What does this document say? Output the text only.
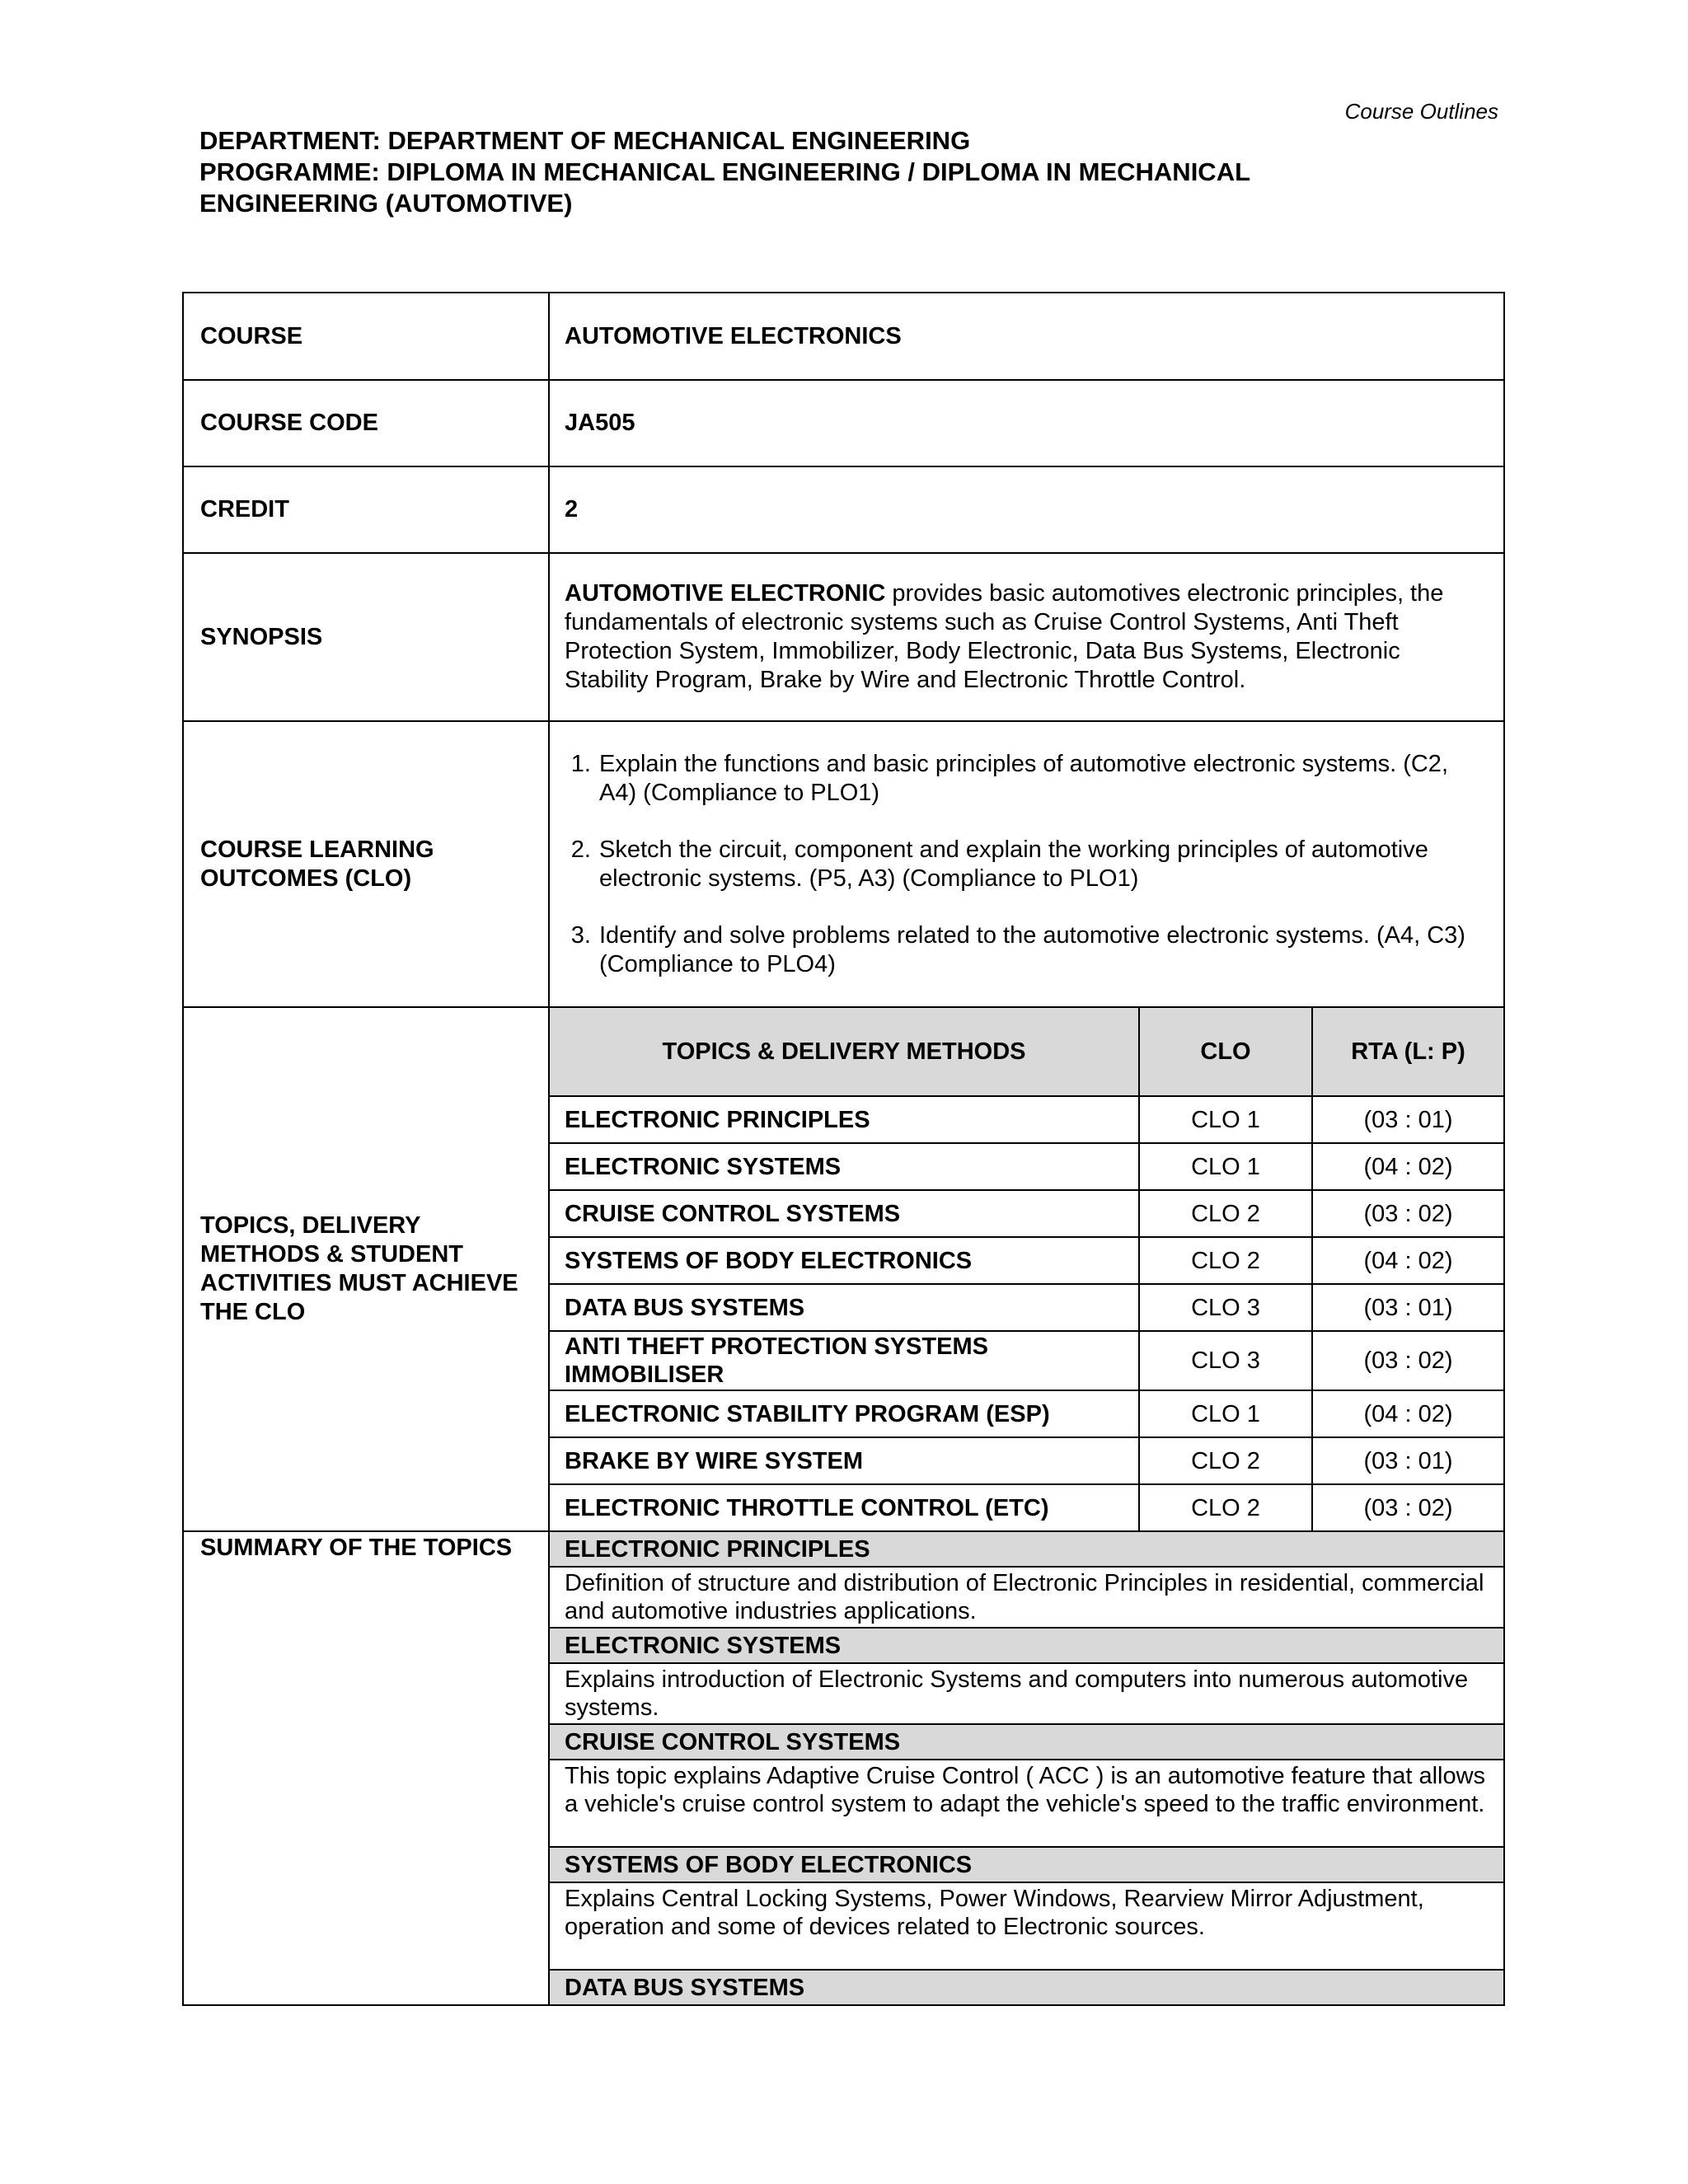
Course Outlines
DEPARTMENT: DEPARTMENT OF MECHANICAL ENGINEERING
PROGRAMME: DIPLOMA IN MECHANICAL ENGINEERING / DIPLOMA IN MECHANICAL
ENGINEERING (AUTOMOTIVE)
COURSE	AUTOMOTIVE ELECTRONICS
COURSE CODE	JA505
CREDIT	2
SYNOPSIS	AUTOMOTIVE ELECTRONIC provides basic automotives electronic principles, the fundamentals of electronic systems such as Cruise Control Systems, Anti Theft Protection System, Immobilizer, Body Electronic, Data Bus Systems, Electronic Stability Program, Brake by Wire and Electronic Throttle Control.
COURSE LEARNING OUTCOMES (CLO)	
1. Explain the functions and basic principles of automotive electronic systems. (C2, A4) (Compliance to PLO1)
2. Sketch the circuit, component and explain the working principles of automotive electronic systems. (P5, A3) (Compliance to PLO1)
3. Identify and solve problems related to the automotive electronic systems. (A4, C3) (Compliance to PLO4)

TOPICS, DELIVERY METHODS & STUDENT ACTIVITIES MUST ACHIEVE THE CLO	
TOPICS & DELIVERY METHODS	CLO	RTA (L: P)
ELECTRONIC PRINCIPLES	CLO 1	(03 : 01)
ELECTRONIC SYSTEMS	CLO 1	(04 : 02)
CRUISE CONTROL SYSTEMS	CLO 2	(03 : 02)
SYSTEMS OF BODY ELECTRONICS	CLO 2	(04 : 02)
DATA BUS SYSTEMS	CLO 3	(03 : 01)
ANTI THEFT PROTECTION SYSTEMS IMMOBILISER	CLO 3	(03 : 02)
ELECTRONIC STABILITY PROGRAM (ESP)	CLO 1	(04 : 02)
BRAKE BY WIRE SYSTEM	CLO 2	(03 : 01)
ELECTRONIC THROTTLE CONTROL (ETC)	CLO 2	(03 : 02)

SUMMARY OF THE TOPICS	ELECTRONIC PRINCIPLES
Definition of structure and distribution of Electronic Principles in residential, commercial and automotive industries applications.
ELECTRONIC SYSTEMS
Explains introduction of Electronic Systems and computers into numerous automotive systems.
CRUISE CONTROL SYSTEMS
This topic explains Adaptive Cruise Control ( ACC ) is an automotive feature that allows a vehicle's cruise control system to adapt the vehicle's speed to the traffic environment.
SYSTEMS OF BODY ELECTRONICS
Explains Central Locking Systems, Power Windows, Rearview Mirror Adjustment, operation and some of devices related to Electronic sources.
DATA BUS SYSTEMS
